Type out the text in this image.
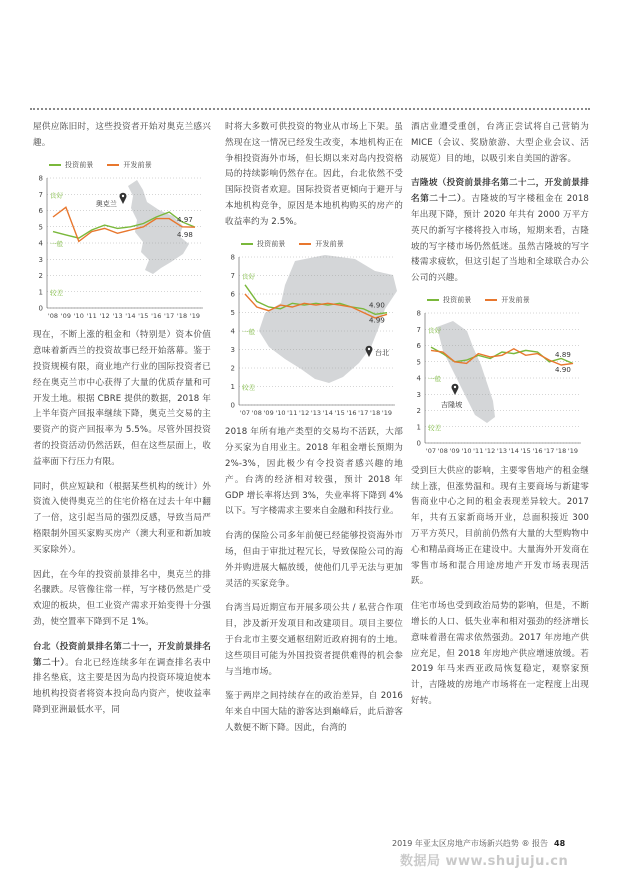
屋供应陈旧时，这些投资者开始对奥克兰感兴趣。

投资前景	开发前景
0
1
2
3
4
5
6
7
8
良好
一般
较差
'08 '09 '10 '11 '12 '13 '14 '15 '16 '17 '18 '19
4.97
4.98
奥克兰

现在，不断上涨的租金和（特别是）资本价值意味着新西兰的投资故事已经开始落幕。鉴于投资规模有限，商业地产行业的国际投资者已经在奥克兰市中心获得了大量的优质存量和可开发土地。根据 CBRE 提供的数据，2018 年上半年资产回报率继续下降，奥克兰交易的主要资产的资产回报率为 5.5%。尽管外国投资者的投资活动仍然活跃，但在这些层面上，收益率面下行压力有限。

同时，供应短缺和（根据某些机构的统计）外资流入使得奥克兰的住宅价格在过去十年中翻了一倍，这引起当局的强烈反感，导致当局严格限制外国买家购买房产（澳大利亚和新加坡买家除外）。

因此，在今年的投资前景排名中，奥克兰的排名骤跌。尽管像往常一样，写字楼仍然是广受欢迎的板块，但工业资产需求开始变得十分强劲，使空置率下降到不足 1%。

台北（投资前景排名第二十一，开发前景排名第二十）。台北已经连续多年在调查排名表中排名垫底，这主要是因为岛内投资环境迫使本地机构投资者将资本投向岛内资产，使收益率降到亚洲最低水平，同

时将大多数可供投资的物业从市场上下架。虽然现在这一情况已经发生改变，本地机构正在争相投资海外市场，但长期以来对岛内投资格局的持续影响仍然存在。因此，台北依然不受国际投资者欢迎。国际投资者更倾向于避开与本地机构竞争，原因是本地机构购买的房产的收益率约为 2.5%。

投资前景	开发前景
0
1
2
3
4
5
6
7
8
良好
一般
较差
'07 '08 '09 '10 '11 '12 '13 '14 '15 '16 '17 '18 '19
4.90
4.99
台北

2018 年所有地产类型的交易均不活跃，大部分买家为自用业主。2018 年租金增长预期为 2%-3%，因此极少有令投资者感兴趣的地产。台湾的经济相对较强，预计 2018 年 GDP 增长率将达到 3%，失业率将下降到 4% 以下。写字楼需求主要来自金融和科技行业。

台湾的保险公司多年前便已经能够投资海外市场，但由于审批过程冗长，导致保险公司的海外并购进展大幅放缓，使他们几乎无法与更加灵活的买家竞争。

台湾当局近期宣布开展多项公共 / 私营合作项目，涉及新开发项目和改建项目。项目主要位于台北市主要交通枢纽附近政府拥有的土地。这些项目可能为外国投资者提供难得的机会参与当地市场。

鉴于两岸之间持续存在的政治差异，自 2016 年来自中国大陆的游客达到巅峰后，此后游客人数便不断下降。因此，台湾的

酒店业遭受重创，台湾正尝试将自己营销为 MICE（会议、奖励旅游、大型企业会议、活动展览）目的地，以吸引来自美国的游客。

吉隆坡（投资前景排名第二十二，开发前景排名第二十二）。吉隆坡的写字楼租金在 2018 年出现下降，预计 2020 年共有 2000 万平方英尺的新写字楼将投入市场，短期来看，吉隆坡的写字楼市场仍然低迷。虽然吉隆坡的写字楼需求疲软，但这引起了当地和全球联合办公公司的兴趣。

投资前景	开发前景
0
1
2
3
4
5
6
7
8
良好
一般
较差
'07 '08 '09 '10 '11 '12 '13 '14 '15 '16 '17 '18 '19
4.89
4.90
吉隆坡

受到巨大供应的影响，主要零售地产的租金继续上涨，但涨势温和。现有主要商场与新建零售商业中心之间的租金表现差异较大。2017 年，共有五家新商场开业，总面积接近 300 万平方英尺，目前前仍然有大量的大型购物中心和精品商场正在建设中。大量海外开发商在零售市场和混合用途房地产开发市场表现活跃。

住宅市场也受到政治局势的影响，但是，不断增长的人口、低失业率和相对强劲的经济增长意味着潜在需求依然强劲。2017 年房地产供应充足，但 2018 年房地产供应增速放缓。若 2019 年马来西亚政局恢复稳定，观察家预计，吉隆坡的房地产市场将在一定程度上出现好转。

2019 年亚太区房地产市场新兴趋势 ® 报告 48
数据局 www.shujuju.cn
